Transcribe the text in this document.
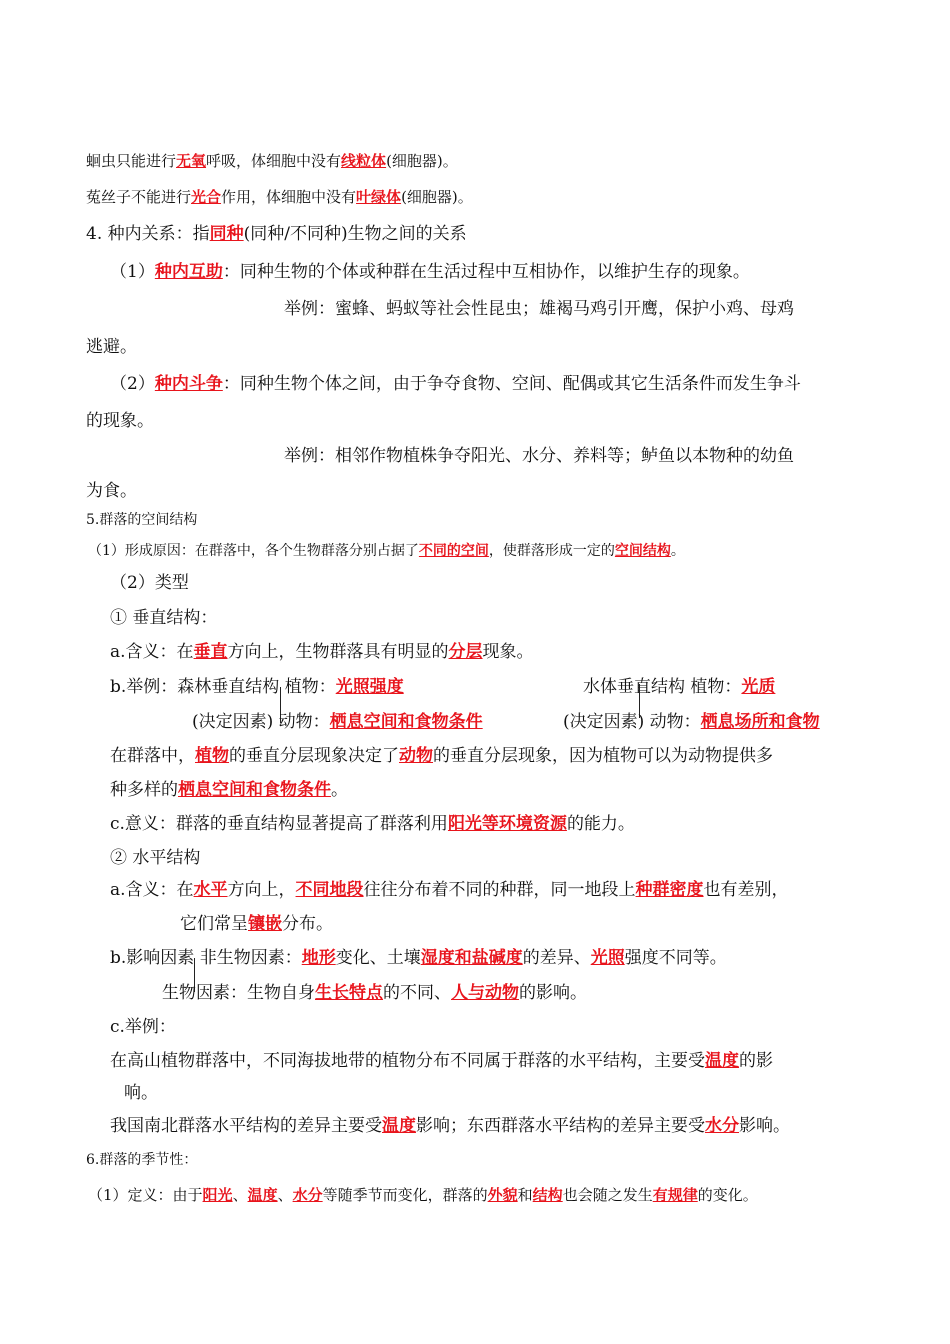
蛔虫只能进行无氧呼吸，体细胞中没有线粒体(细胞器)。
菟丝子不能进行光合作用，体细胞中没有叶绿体(细胞器)。
4. 种内关系：指同种(同种/不同种)生物之间的关系
（1）种内互助：同种生物的个体或种群在生活过程中互相协作，以维护生存的现象。
举例：蜜蜂、蚂蚁等社会性昆虫；雄褐马鸡引开鹰，保护小鸡、母鸡
逃避。
（2）种内斗争：同种生物个体之间，由于争夺食物、空间、配偶或其它生活条件而发生争斗
的现象。
举例：相邻作物植株争夺阳光、水分、养料等；鲈鱼以本物种的幼鱼
为食。
5.群落的空间结构
（1）形成原因：在群落中，各个生物群落分别占据了不同的空间，使群落形成一定的空间结构。
（2）类型
① 垂直结构：
a.含义：在垂直方向上，生物群落具有明显的分层现象。
b.举例：森林垂直结构 植物：光照强度	水体垂直结构 植物：光质
(决定因素) 动物：栖息空间和食物条件	(决定因素) 动物：栖息场所和食物
在群落中，植物的垂直分层现象决定了动物的垂直分层现象，因为植物可以为动物提供多
种多样的栖息空间和食物条件。
c.意义：群落的垂直结构显著提高了群落利用阳光等环境资源的能力。
② 水平结构
a.含义：在水平方向上，不同地段往往分布着不同的种群，同一地段上种群密度也有差别，
它们常呈镶嵌分布。
b.影响因素 非生物因素：地形变化、土壤湿度和盐碱度的差异、光照强度不同等。
生物因素：生物自身生长特点的不同、人与动物的影响。
c.举例：
在高山植物群落中，不同海拔地带的植物分布不同属于群落的水平结构，主要受温度的影
响。
我国南北群落水平结构的差异主要受温度影响；东西群落水平结构的差异主要受水分影响。
6.群落的季节性：
（1）定义：由于阳光、温度、水分等随季节而变化，群落的外貌和结构也会随之发生有规律的变化。
